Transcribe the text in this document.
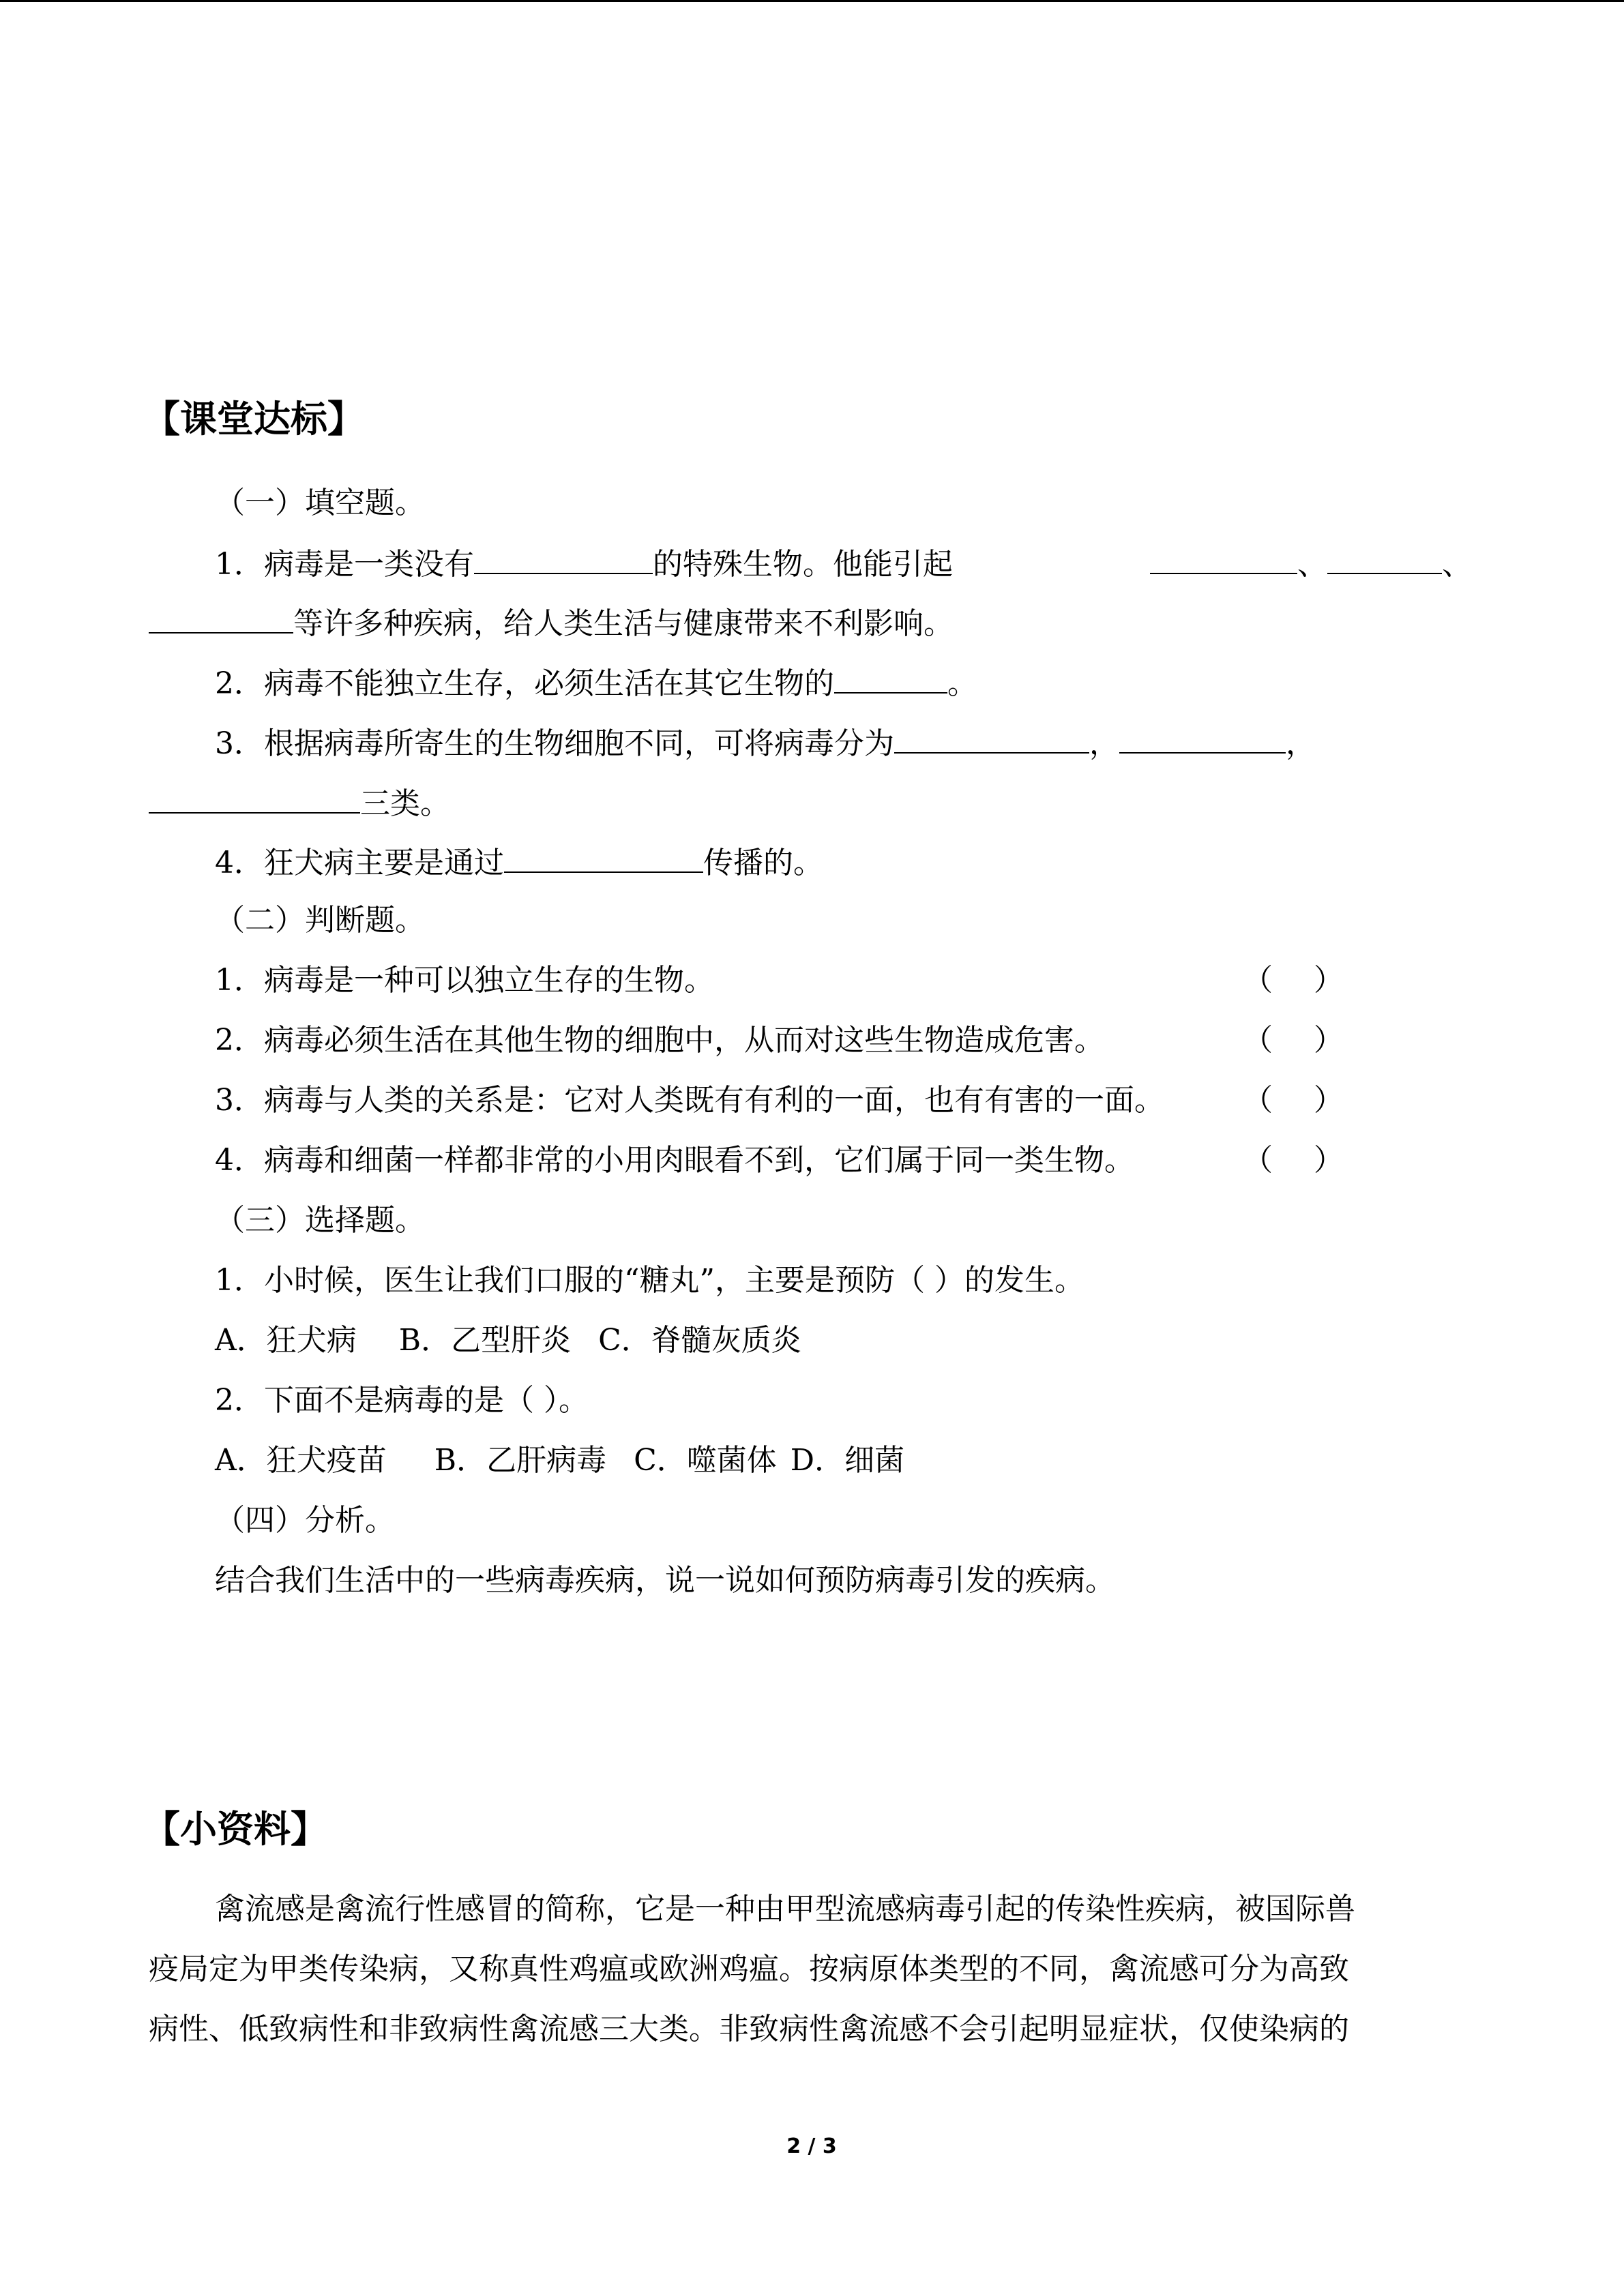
【课堂达标】
（一）填空题。
1．病毒是一类没有	的特殊生物。他能引起	、	、
等许多种疾病，给人类生活与健康带来不利影响。
2．病毒不能独立生存，必须生活在其它生物的	。
3．根据病毒所寄生的生物细胞不同，可将病毒分为	，	，
三类。
4．狂犬病主要是通过	传播的。
（二）判断题。
1．病毒是一种可以独立生存的生物。	（ ）
2．病毒必须生活在其他生物的细胞中，从而对这些生物造成危害。	（ ）
3．病毒与人类的关系是：它对人类既有有利的一面，也有有害的一面。	（ ）
4．病毒和细菌一样都非常的小用肉眼看不到，它们属于同一类生物。	（ ）
（三）选择题。
1．小时候，医生让我们口服的“糖丸”，主要是预防（ ）的发生。
A．狂犬病 B．乙型肝炎 C．脊髓灰质炎
2．下面不是病毒的是（ ）。
A．狂犬疫苗 B．乙肝病毒 C．噬菌体 D．细菌
（四）分析。
结合我们生活中的一些病毒疾病，说一说如何预防病毒引发的疾病。
【小资料】
禽流感是禽流行性感冒的简称，它是一种由甲型流感病毒引起的传染性疾病，被国际兽
疫局定为甲类传染病，又称真性鸡瘟或欧洲鸡瘟。按病原体类型的不同，禽流感可分为高致
病性、低致病性和非致病性禽流感三大类。非致病性禽流感不会引起明显症状，仅使染病的
2 / 3
